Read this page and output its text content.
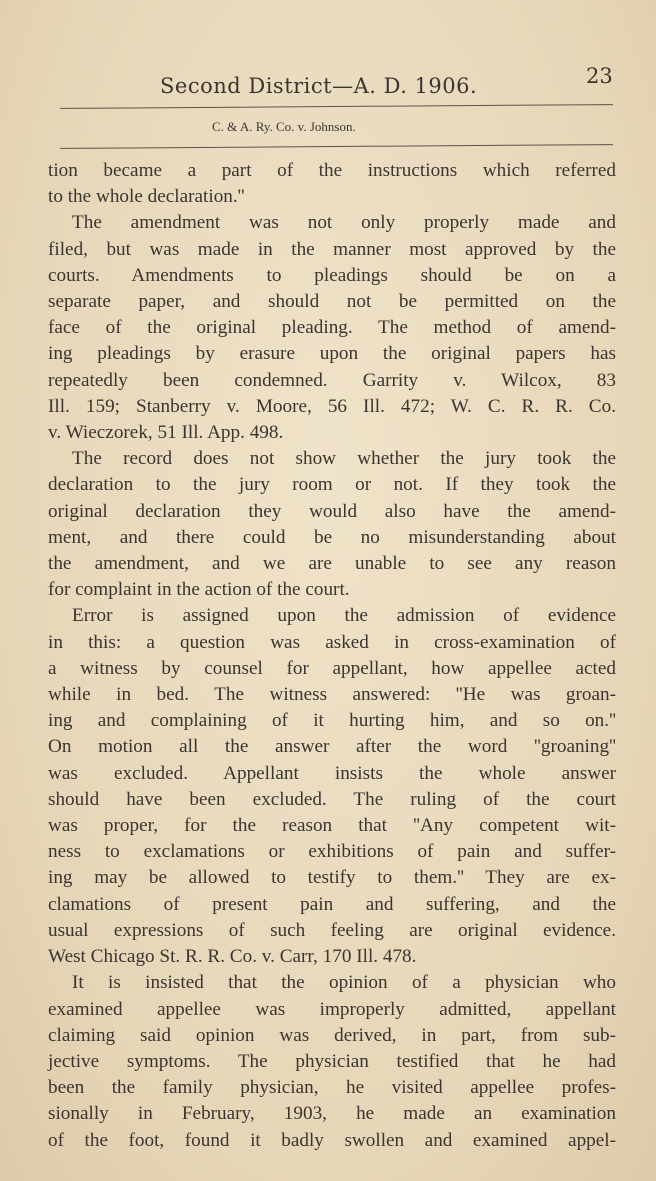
Second District—A. D. 1906.	23
C. & A. Ry. Co. v. Johnson.
tion became a part of the instructions which referred
to the whole declaration.''
The amendment was not only properly made and
filed, but was made in the manner most approved by the
courts. Amendments to pleadings should be on a
separate paper, and should not be permitted on the
face of the original pleading. The method of amend-
ing pleadings by erasure upon the original papers has
repeatedly been condemned. Garrity v. Wilcox, 83
Ill. 159; Stanberry v. Moore, 56 Ill. 472; W. C. R. R. Co.
v. Wieczorek, 51 Ill. App. 498.
The record does not show whether the jury took the
declaration to the jury room or not. If they took the
original declaration they would also have the amend-
ment, and there could be no misunderstanding about
the amendment, and we are unable to see any reason
for complaint in the action of the court.
Error is assigned upon the admission of evidence
in this: a question was asked in cross-examination of
a witness by counsel for appellant, how appellee acted
while in bed. The witness answered: ''He was groan-
ing and complaining of it hurting him, and so on.''
On motion all the answer after the word ''groaning''
was excluded. Appellant insists the whole answer
should have been excluded. The ruling of the court
was proper, for the reason that ''Any competent wit-
ness to exclamations or exhibitions of pain and suffer-
ing may be allowed to testify to them.'' They are ex-
clamations of present pain and suffering, and the
usual expressions of such feeling are original evidence.
West Chicago St. R. R. Co. v. Carr, 170 Ill. 478.
It is insisted that the opinion of a physician who
examined appellee was improperly admitted, appellant
claiming said opinion was derived, in part, from sub-
jective symptoms. The physician testified that he had
been the family physician, he visited appellee profes-
sionally in February, 1903, he made an examination
of the foot, found it badly swollen and examined appel-
